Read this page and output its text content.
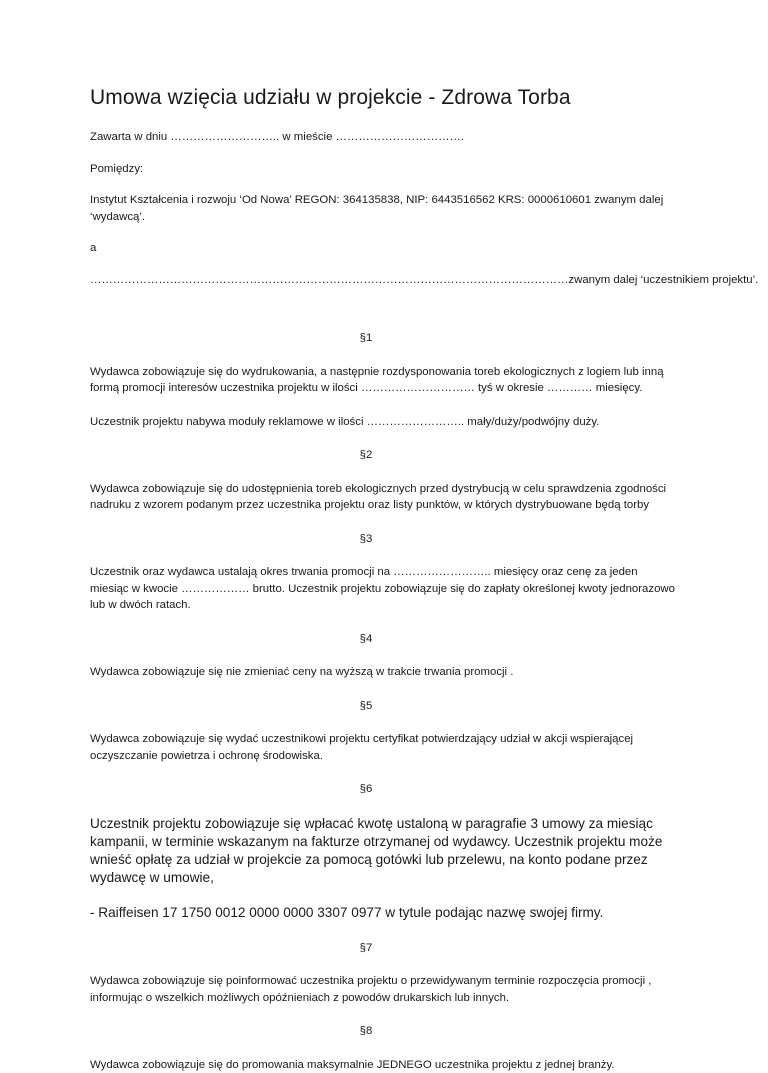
Umowa wzięcia udziału w projekcie - Zdrowa Torba

Zawarta w dniu ……………………….. w mieście …………………………….

Pomiędzy:

Instytut Kształcenia i rozwoju ‘Od Nowa’ REGON: 364135838, NIP: 6443516562 KRS: 0000610601 zwanym dalej ‘wydawcą’.

a

……………………………………………………………………………………………………………… zwanym dalej ‘uczestnikiem projektu’.

§1

Wydawca zobowiązuje się do wydrukowania, a następnie rozdysponowania toreb ekologicznych z logiem lub inną formą promocji interesów uczestnika projektu w ilości ………………………… tyś w okresie ………… miesięcy.

Uczestnik projektu nabywa moduły reklamowe w ilości …………………….. mały/duży/podwójny duży.

§2

Wydawca zobowiązuje się do udostępnienia toreb ekologicznych przed dystrybucją w celu sprawdzenia zgodności nadruku z wzorem podanym przez uczestnika projektu oraz listy punktów, w których dystrybuowane będą torby

§3

Uczestnik oraz wydawca ustalają okres trwania promocji na …………………….. miesięcy oraz cenę za jeden miesiąc w kwocie ……………… brutto. Uczestnik projektu zobowiązuje się do zapłaty określonej kwoty jednorazowo lub w dwóch ratach.

§4

Wydawca zobowiązuje się nie zmieniać ceny na wyższą w trakcie trwania promocji .

§5

Wydawca zobowiązuje się wydać uczestnikowi projektu certyfikat potwierdzający udział w akcji wspierającej oczyszczanie powietrza i ochronę środowiska.

§6

Uczestnik projektu zobowiązuje się wpłacać kwotę ustaloną w paragrafie 3 umowy za miesiąc kampanii, w terminie wskazanym na fakturze otrzymanej od wydawcy. Uczestnik projektu może wnieść opłatę za udział w projekcie za pomocą gotówki lub przelewu, na konto podane przez wydawcę w umowie,

- Raiffeisen 17 1750 0012 0000 0000 3307 0977 w tytule podając nazwę swojej firmy.

§7

Wydawca zobowiązuje się poinformować uczestnika projektu o przewidywanym terminie rozpoczęcia promocji , informując o wszelkich możliwych opóźnieniach z powodów drukarskich lub innych.

§8

Wydawca zobowiązuje się do promowania maksymalnie JEDNEGO uczestnika projektu z jednej branży.
